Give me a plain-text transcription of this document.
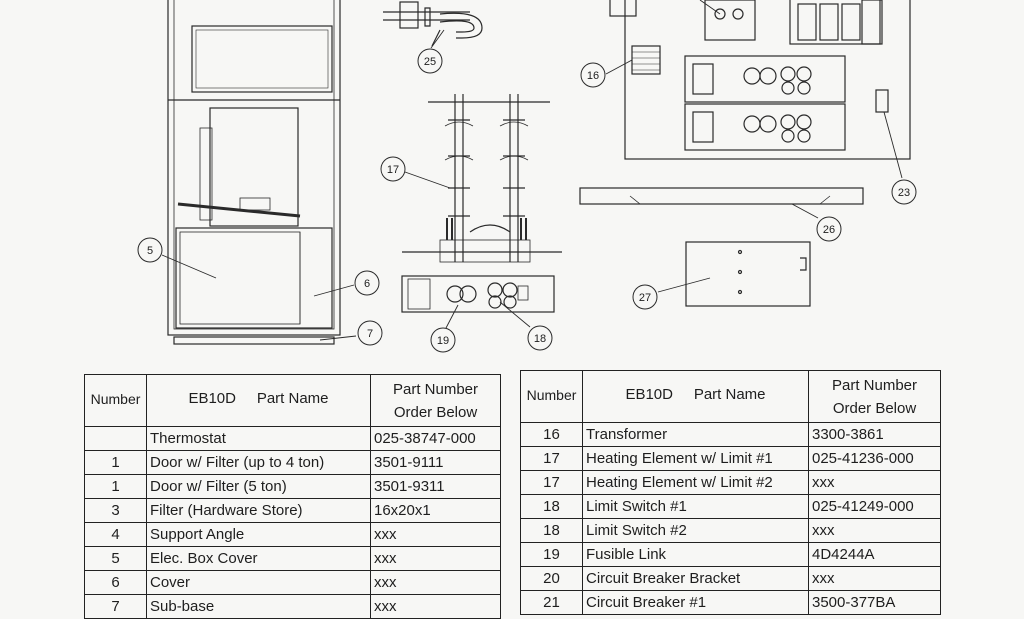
5
6
7
25
17
19	18
16
23
26
27
Number	EB10D Part Name	Part Number
Order Below

	Thermostat	025-38747-000
1	Door w/ Filter (up to 4 ton)	3501-9111
1	Door w/ Filter (5 ton)	3501-9311
3	Filter (Hardware Store)	16x20x1
4	Support Angle	xxx
5	Elec. Box Cover	xxx
6	Cover	xxx
7	Sub-base	xxx
Number	EB10D Part Name	Part Number
Order Below

16	Transformer	3300-3861
17	Heating Element w/ Limit #1	025-41236-000
17	Heating Element w/ Limit #2	xxx
18	Limit Switch #1	025-41249-000
18	Limit Switch #2	xxx
19	Fusible Link	4D4244A
20	Circuit Breaker Bracket	xxx
21	Circuit Breaker #1	3500-377BA
